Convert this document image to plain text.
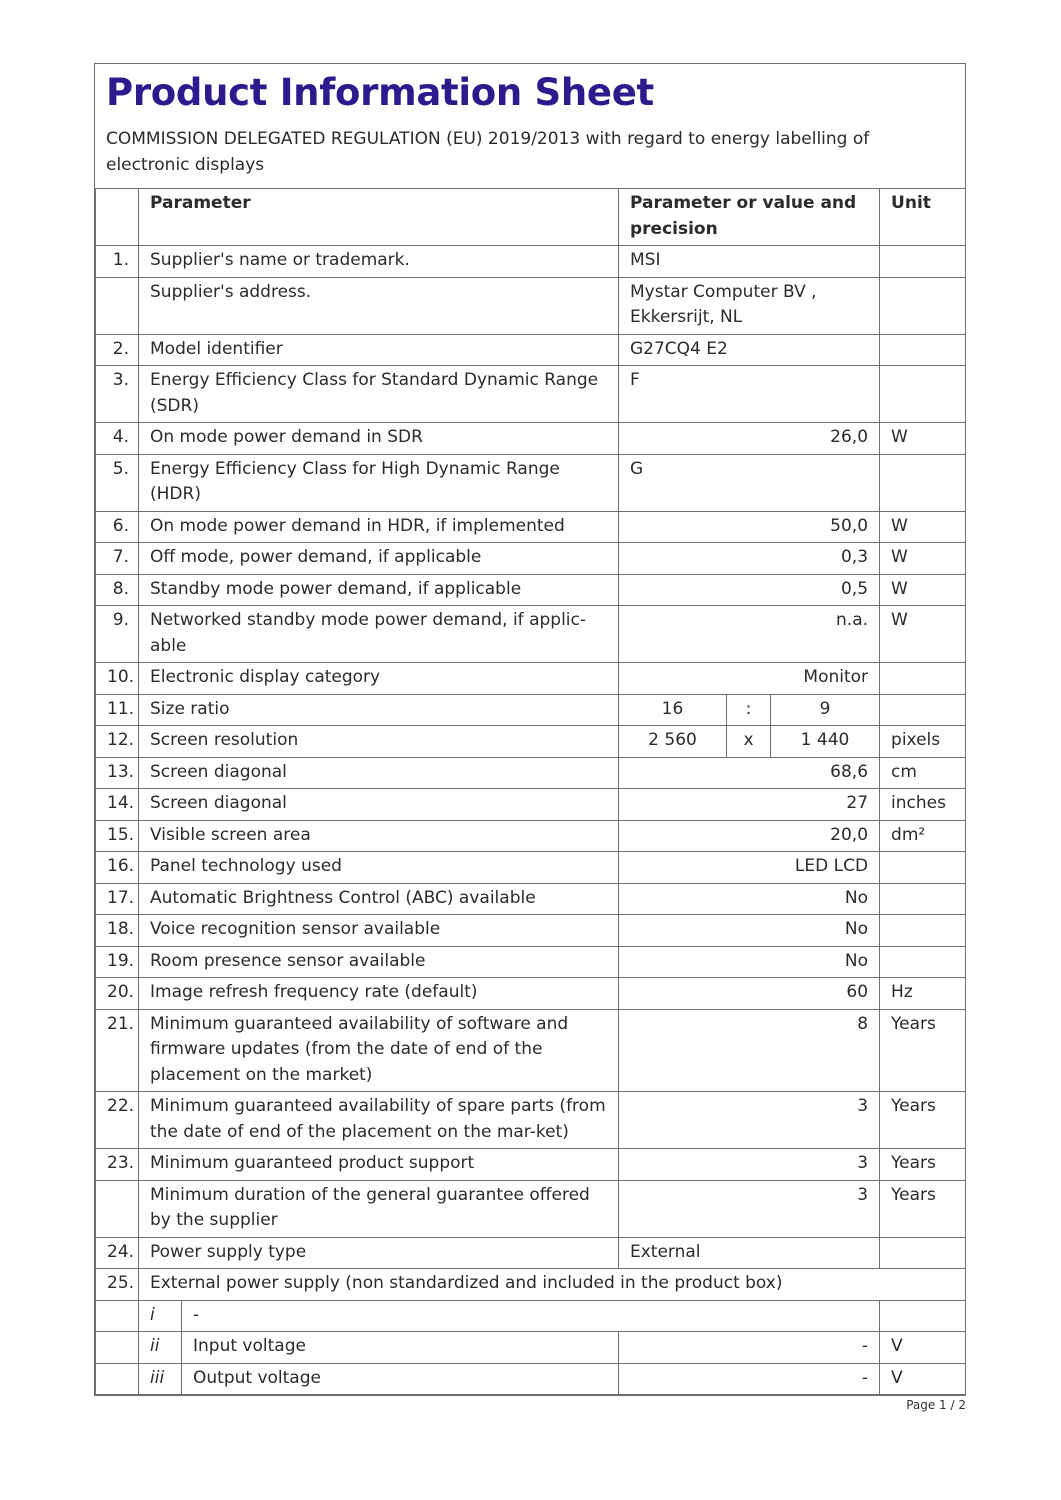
Product Information Sheet
COMMISSION DELEGATED REGULATION (EU) 2019/2013 with regard to energy labelling of electronic displays
	Parameter		Parameter or value and precision			Unit
1.	Supplier's name or trademark.		MSI			
	Supplier's address.		Mystar Computer BV , Ekkersrijt, NL			
2.	Model identifier		G27CQ4 E2			
3.	Energy Efficiency Class for Standard Dynamic Range (SDR)		F			
4.	On mode power demand in SDR		26,0			W
5.	Energy Efficiency Class for High Dynamic Range (HDR)		G			
6.	On mode power demand in HDR, if implemented		50,0			W
7.	Off mode, power demand, if applicable		0,3			W
8.	Standby mode power demand, if applicable		0,5			W
9.	Networked standby mode power demand, if applic-able		n.a.			W
10.	Electronic display category		Monitor			
11.	Size ratio		16	:	9	
12.	Screen resolution		2 560	x	1 440	pixels
13.	Screen diagonal		68,6			cm
14.	Screen diagonal		27			inches
15.	Visible screen area		20,0			dm²
16.	Panel technology used		LED LCD			
17.	Automatic Brightness Control (ABC) available		No			
18.	Voice recognition sensor available		No			
19.	Room presence sensor available		No			
20.	Image refresh frequency rate (default)		60			Hz
21.	Minimum guaranteed availability of software and firmware updates (from the date of end of the placement on the market)		8			Years
22.	Minimum guaranteed availability of spare parts (from the date of end of the placement on the mar-ket)		3			Years
23.	Minimum guaranteed product support		3			Years
	Minimum duration of the general guarantee offered by the supplier		3			Years
24.	Power supply type		External			
25.	External power supply (non standardized and included in the product box)					
	i	-				
	ii	Input voltage	-			V
	iii	Output voltage	-			V
Page 1 / 2
